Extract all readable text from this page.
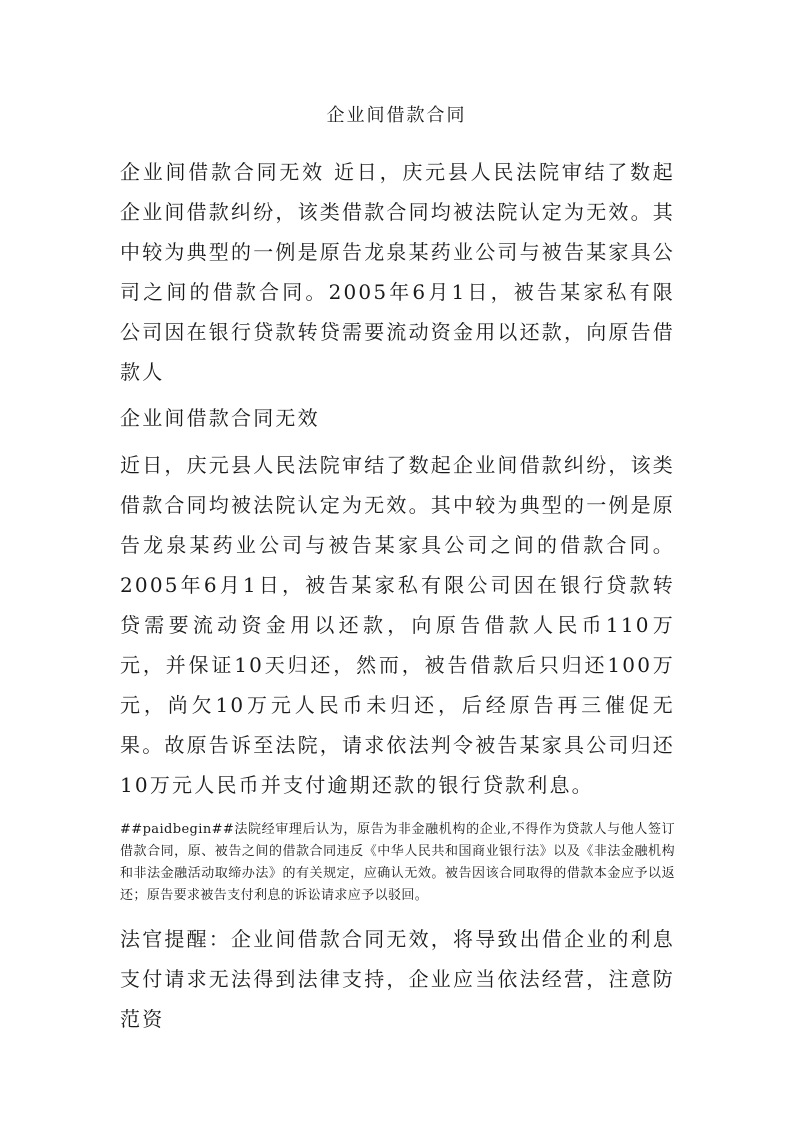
企业间借款合同

企业间借款合同无效 近日，庆元县人民法院审结了数起企业间借款纠纷，该类借款合同均被法院认定为无效。其中较为典型的一例是原告龙泉某药业公司与被告某家具公司之间的借款合同。2005年6月1日，被告某家私有限公司因在银行贷款转贷需要流动资金用以还款，向原告借款人

企业间借款合同无效

近日，庆元县人民法院审结了数起企业间借款纠纷，该类借款合同均被法院认定为无效。其中较为典型的一例是原告龙泉某药业公司与被告某家具公司之间的借款合同。2005年6月1日，被告某家私有限公司因在银行贷款转贷需要流动资金用以还款，向原告借款人民币110万元，并保证10天归还，然而，被告借款后只归还100万元，尚欠10万元人民币未归还，后经原告再三催促无果。故原告诉至法院，请求依法判令被告某家具公司归还10万元人民币并支付逾期还款的银行贷款利息。

##paidbegin##法院经审理后认为，原告为非金融机构的企业,不得作为贷款人与他人签订借款合同，原、被告之间的借款合同违反《中华人民共和国商业银行法》以及《非法金融机构和非法金融活动取缔办法》的有关规定，应确认无效。被告因该合同取得的借款本金应予以返还；原告要求被告支付利息的诉讼请求应予以驳回。

法官提醒：企业间借款合同无效，将导致出借企业的利息支付请求无法得到法律支持，企业应当依法经营，注意防范资
